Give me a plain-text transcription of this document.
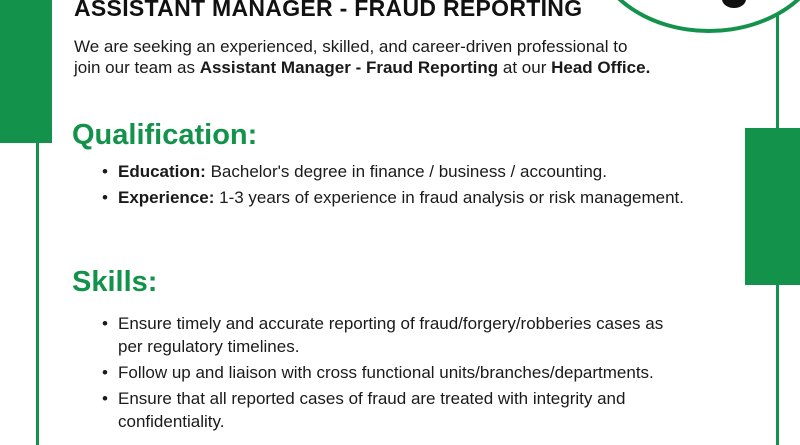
ASSISTANT MANAGER - FRAUD REPORTING

We are seeking an experienced, skilled, and career-driven professional to join our team as Assistant Manager - Fraud Reporting at our Head Office.

Qualification:
• Education: Bachelor's degree in finance / business / accounting.
• Experience: 1-3 years of experience in fraud analysis or risk management.
Skills:
• Ensure timely and accurate reporting of fraud/forgery/robberies cases as per regulatory timelines.
• Follow up and liaison with cross functional units/branches/departments.
• Ensure that all reported cases of fraud are treated with integrity and confidentiality.
